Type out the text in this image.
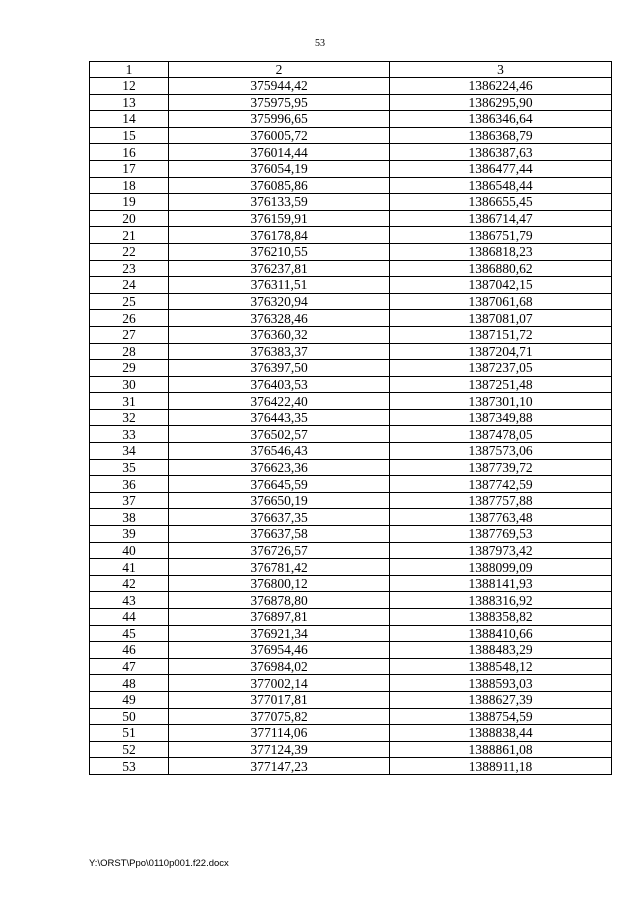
53
1	2	3
12	375944,42	1386224,46
13	375975,95	1386295,90
14	375996,65	1386346,64
15	376005,72	1386368,79
16	376014,44	1386387,63
17	376054,19	1386477,44
18	376085,86	1386548,44
19	376133,59	1386655,45
20	376159,91	1386714,47
21	376178,84	1386751,79
22	376210,55	1386818,23
23	376237,81	1386880,62
24	376311,51	1387042,15
25	376320,94	1387061,68
26	376328,46	1387081,07
27	376360,32	1387151,72
28	376383,37	1387204,71
29	376397,50	1387237,05
30	376403,53	1387251,48
31	376422,40	1387301,10
32	376443,35	1387349,88
33	376502,57	1387478,05
34	376546,43	1387573,06
35	376623,36	1387739,72
36	376645,59	1387742,59
37	376650,19	1387757,88
38	376637,35	1387763,48
39	376637,58	1387769,53
40	376726,57	1387973,42
41	376781,42	1388099,09
42	376800,12	1388141,93
43	376878,80	1388316,92
44	376897,81	1388358,82
45	376921,34	1388410,66
46	376954,46	1388483,29
47	376984,02	1388548,12
48	377002,14	1388593,03
49	377017,81	1388627,39
50	377075,82	1388754,59
51	377114,06	1388838,44
52	377124,39	1388861,08
53	377147,23	1388911,18
Y:\ORST\Ppo\0110p001.f22.docx
